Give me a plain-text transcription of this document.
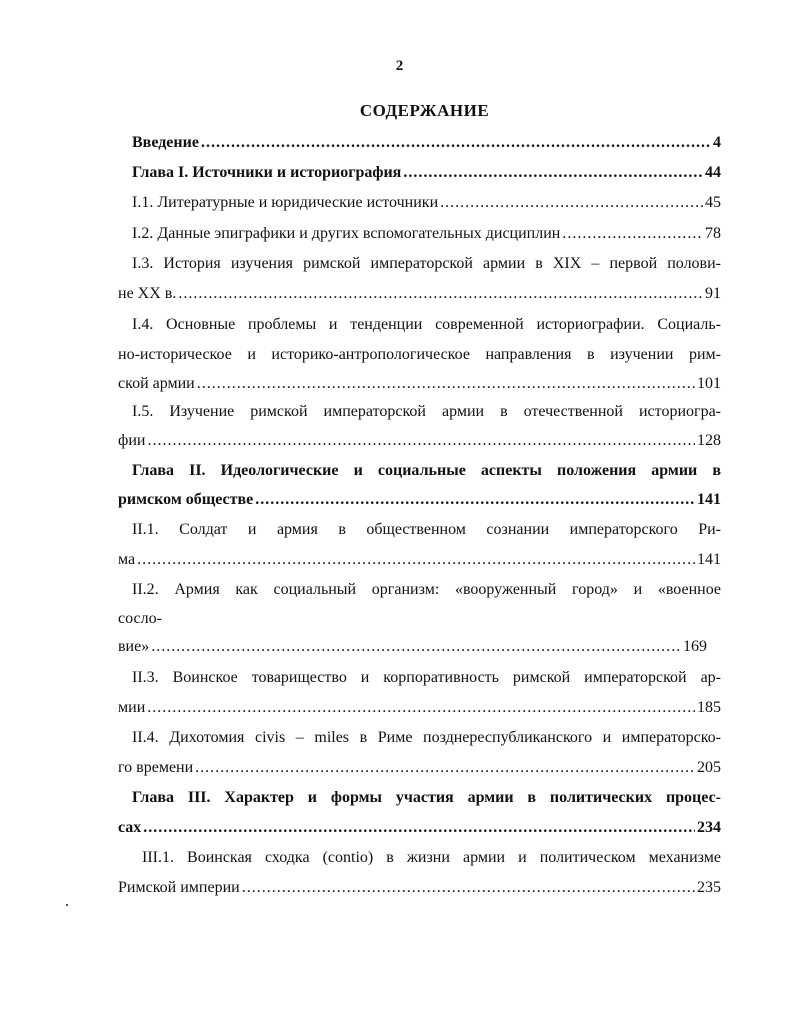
2
СОДЕРЖАНИЕ
Введение .....	4
Глава I. Источники и историография .....	44
I.1. Литературные и юридические источники .....	45
I.2. Данные эпиграфики и других вспомогательных дисциплин .....	78
I.3. История изучения римской императорской армии в XIX – первой полови-
не XX в. .....	91
I.4. Основные проблемы и тенденции современной историографии. Социаль-
но-историческое и историко-антропологическое направления в изучении рим-
ской армии .....	101
I.5. Изучение римской императорской армии в отечественной историогра-
фии .....	128
Глава II. Идеологические и социальные аспекты положения армии в
римском обществе .....	141
II.1. Солдат и армия в общественном сознании императорского Ри-
ма .....	141
II.2. Армия как социальный организм: «вооруженный город» и «военное
сосло-
вие» .....	169
II.3. Воинское товарищество и корпоративность римской императорской ар-
мии .....	185
II.4. Дихотомия civis – miles в Риме позднереспубликанского и императорско-
го времени .....	205
Глава III. Характер и формы участия армии в политических процес-
сах .....	234
III.1. Воинская сходка (contio) в жизни армии и политическом механизме
Римской империи .....	235
